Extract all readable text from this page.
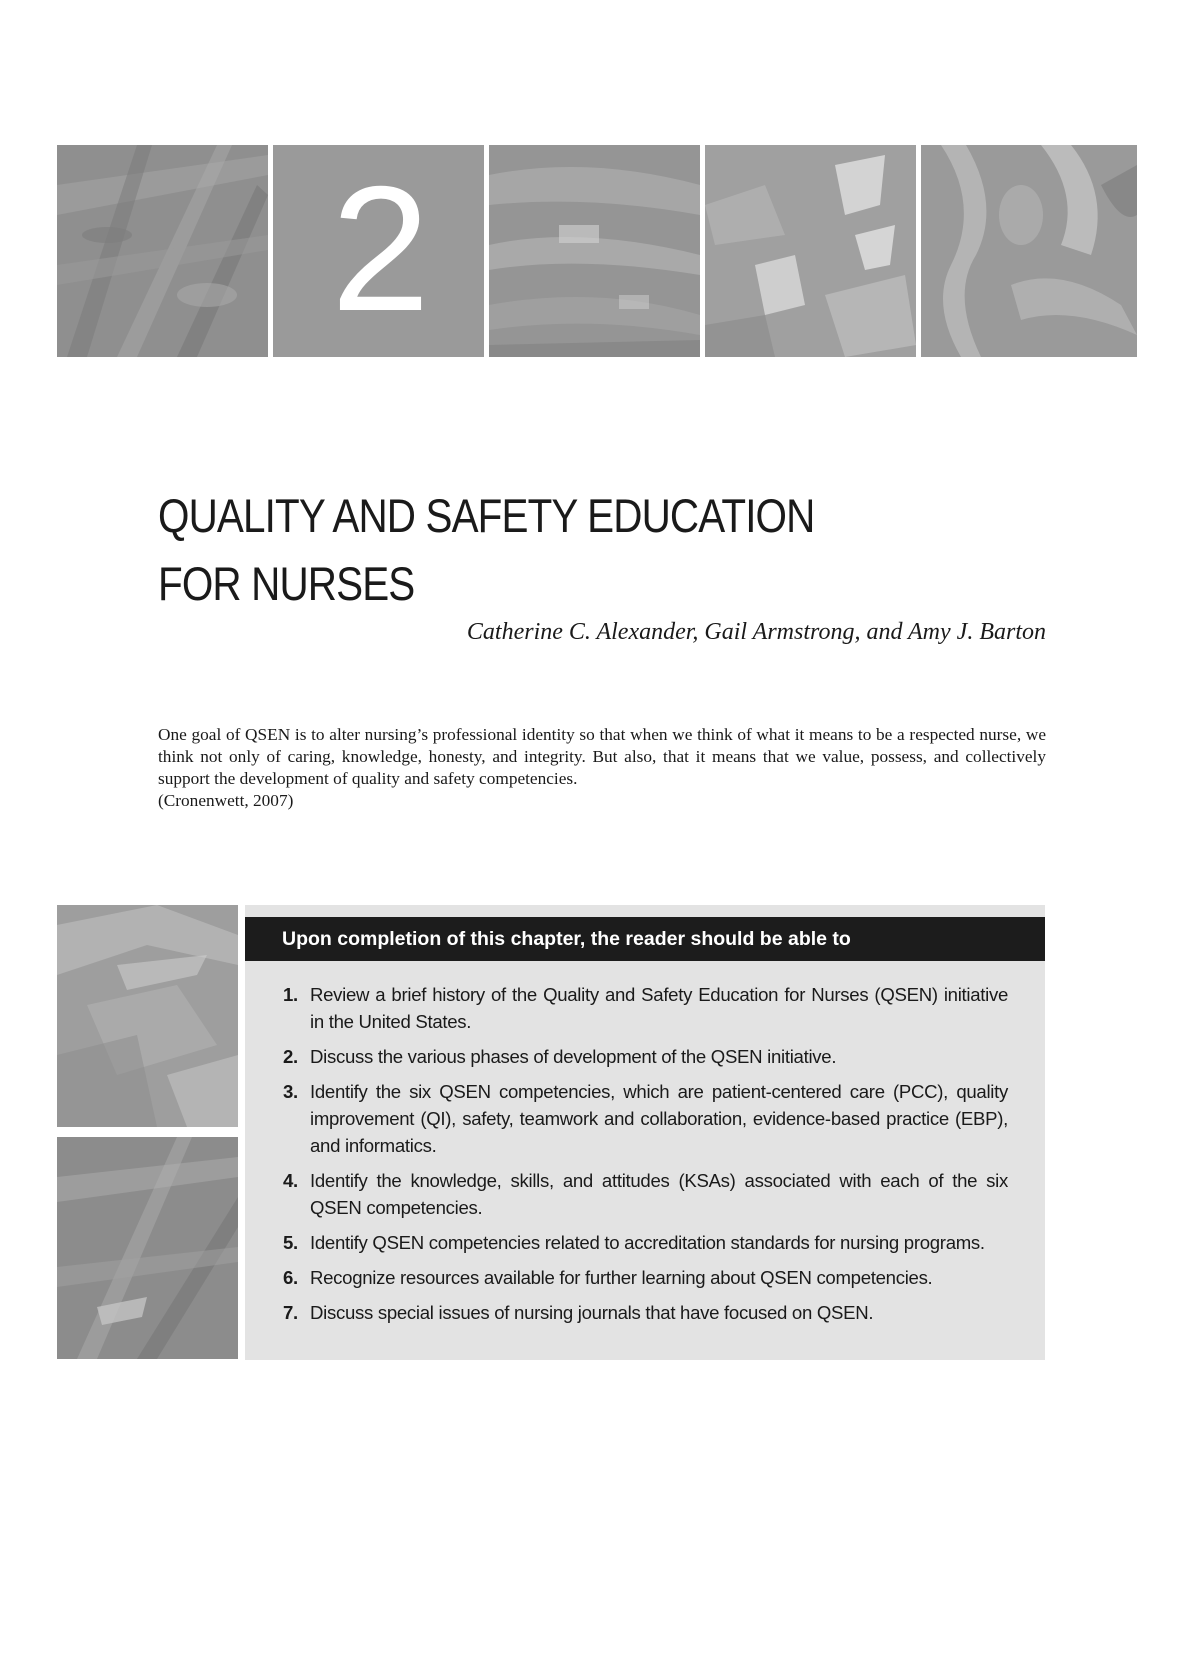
2
QUALITY AND SAFETY EDUCATION
FOR NURSES
Catherine C. Alexander, Gail Armstrong, and Amy J. Barton

One goal of QSEN is to alter nursing’s professional identity so that when we think of what it means to be a respected nurse, we think not only of caring, knowledge, honesty, and integrity. But also, that it means that we value, possess, and collectively support the development of quality and safety competencies.
(Cronenwett, 2007)

Upon completion of this chapter, the reader should be able to
1. Review a brief history of the Quality and Safety Education for Nurses (QSEN) initiative in the United States.
2. Discuss the various phases of development of the QSEN initiative.
3. Identify the six QSEN competencies, which are patient-centered care (PCC), quality improvement (QI), safety, teamwork and collaboration, evidence-based practice (EBP), and informatics.
4. Identify the knowledge, skills, and attitudes (KSAs) associated with each of the six QSEN competencies.
5. Identify QSEN competencies related to accreditation standards for nursing programs.
6. Recognize resources available for further learning about QSEN competencies.
7. Discuss special issues of nursing journals that have focused on QSEN.
